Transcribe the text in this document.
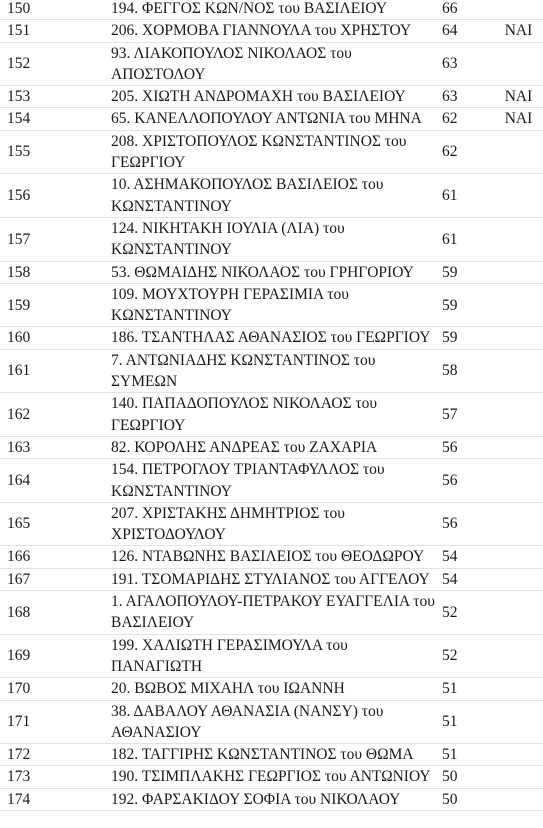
150	194. ΦΕΓΓΟΣ ΚΩΝ/ΝΟΣ του ΒΑΣΙΛΕΙΟΥ	66	
151	206. ΧΟΡΜΟΒΑ ΓΙΑΝΝΟΥΛΑ του ΧΡΗΣΤΟΥ	64	ΝΑΙ
152	93. ΛΙΑΚΟΠΟΥΛΟΣ ΝΙΚΟΛΑΟΣ του ΑΠΟΣΤΟΛΟΥ	63	
153	205. ΧΙΩΤΗ ΑΝΔΡΟΜΑΧΗ του ΒΑΣΙΛΕΙΟΥ	63	ΝΑΙ
154	65. ΚΑΝΕΛΛΟΠΟΥΛΟΥ ΑΝΤΩΝΙΑ του ΜΗΝΑ	62	ΝΑΙ
155	208. ΧΡΙΣΤΟΠΟΥΛΟΣ ΚΩΝΣΤΑΝΤΙΝΟΣ του ΓΕΩΡΓΙΟΥ	62	
156	10. ΑΣΗΜΑΚΟΠΟΥΛΟΣ ΒΑΣΙΛΕΙΟΣ του ΚΩΝΣΤΑΝΤΙΝΟΥ	61	
157	124. ΝΙΚΗΤΑΚΗ ΙΟΥΛΙΑ (ΛΙΑ) του ΚΩΝΣΤΑΝΤΙΝΟΥ	61	
158	53. ΘΩΜΑΙΔΗΣ ΝΙΚΟΛΑΟΣ του ΓΡΗΓΟΡΙΟΥ	59	
159	109. ΜΟΥΧΤΟΥΡΗ ΓΕΡΑΣΙΜΙΑ του ΚΩΝΣΤΑΝΤΙΝΟΥ	59	
160	186. ΤΣΑΝΤΗΛΑΣ ΑΘΑΝΑΣΙΟΣ του ΓΕΩΡΓΙΟΥ	59	
161	7. ΑΝΤΩΝΙΑΔΗΣ ΚΩΝΣΤΑΝΤΙΝΟΣ του ΣΥΜΕΩΝ	58	
162	140. ΠΑΠΑΔΟΠΟΥΛΟΣ ΝΙΚΟΛΑΟΣ του ΓΕΩΡΓΙΟΥ	57	
163	82. ΚΟΡΟΛΗΣ ΑΝΔΡΕΑΣ του ΖΑΧΑΡΙΑ	56	
164	154. ΠΕΤΡΟΓΛΟΥ ΤΡΙΑΝΤΑΦΥΛΛΟΣ του ΚΩΝΣΤΑΝΤΙΝΟΥ	56	
165	207. ΧΡΙΣΤΑΚΗΣ ΔΗΜΗΤΡΙΟΣ του ΧΡΙΣΤΟΔΟΥΛΟΥ	56	
166	126. ΝΤΑΒΩΝΗΣ ΒΑΣΙΛΕΙΟΣ του ΘΕΟΔΩΡΟΥ	54	
167	191. ΤΣΟΜΑΡΙΔΗΣ ΣΤΥΛΙΑΝΟΣ του ΑΓΓΕΛΟΥ	54	
168	1. ΑΓΑΛΟΠΟΥΛΟΥ-ΠΕΤΡΑΚΟΥ ΕΥΑΓΓΕΛΙΑ του ΒΑΣΙΛΕΙΟΥ	52	
169	199. ΧΑΛΙΩΤΗ ΓΕΡΑΣΙΜΟΥΛΑ του ΠΑΝΑΓΙΩΤΗ	52	
170	20. ΒΩΒΟΣ ΜΙΧΑΗΛ του ΙΩΑΝΝΗ	51	
171	38. ΔΑΒΑΛΟΥ ΑΘΑΝΑΣΙΑ (ΝΑΝΣΥ) του ΑΘΑΝΑΣΙΟΥ	51	
172	182. ΤΑΓΓΙΡΗΣ ΚΩΝΣΤΑΝΤΙΝΟΣ του ΘΩΜΑ	51	
173	190. ΤΣΙΜΠΛΑΚΗΣ ΓΕΩΡΓΙΟΣ του ΑΝΤΩΝΙΟΥ	50	
174	192. ΦΑΡΣΑΚΙΔΟΥ ΣΟΦΙΑ του ΝΙΚΟΛΑΟΥ	50	
